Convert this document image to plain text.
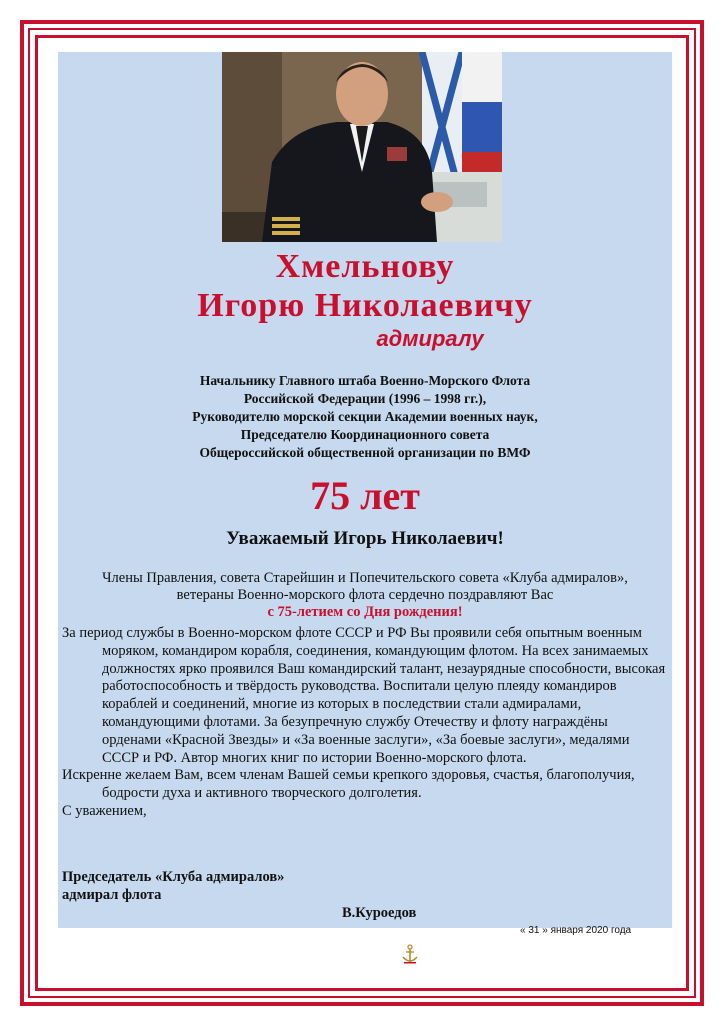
Хмельнову
Игорю Николаевичу
адмиралу
Начальнику Главного штаба Военно-Морского Флота
Российской Федерации (1996 – 1998 гг.),
Руководителю морской секции Академии военных наук,
Председателю Координационного совета
Общероссийской общественной организации по ВМФ
75 лет
Уважаемый Игорь Николаевич!
Члены Правления, совета Старейшин и Попечительского совета «Клуба адмиралов»,
ветераны Военно-морского флота сердечно поздравляют Вас
с 75-летием со Дня рождения!

За период службы в Военно-морском флоте СССР и РФ Вы проявили себя опытным военным моряком, командиром корабля, соединения, командующим флотом. На всех занимаемых должностях ярко проявился Ваш командирский талант, незаурядные способности, высокая работоспособность и твёрдость руководства. Воспитали целую плеяду командиров кораблей и соединений, многие из которых в последствии стали адмиралами, командующими флотами. За безупречную службу Отечеству и флоту награждёны орденами «Красной Звезды» и «За военные заслуги», «За боевые заслуги», медалями СССР и РФ. Автор многих книг по истории Военно-морского флота.

Искренне желаем Вам, всем членам Вашей семьи крепкого здоровья, счастья, благополучия, бодрости духа и активного творческого долголетия.

С уважением,

Председатель «Клуба адмиралов»
адмирал флота
В.Куроедов
« 31 » января 2020 года
